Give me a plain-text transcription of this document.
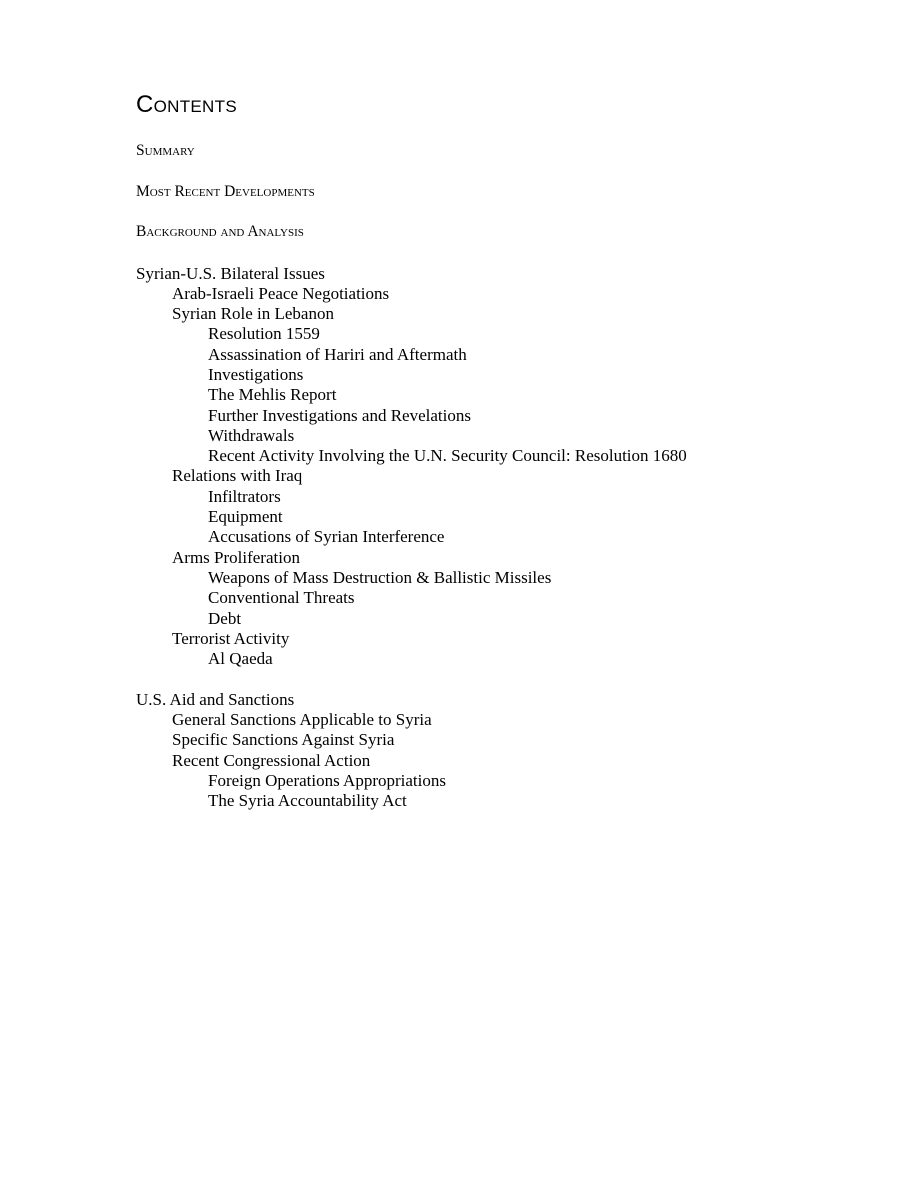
Contents
Summary
Most Recent Developments
Background and Analysis
Syrian-U.S. Bilateral Issues
Arab-Israeli Peace Negotiations
Syrian Role in Lebanon
Resolution 1559
Assassination of Hariri and Aftermath
Investigations
The Mehlis Report
Further Investigations and Revelations
Withdrawals
Recent Activity Involving the U.N. Security Council: Resolution 1680
Relations with Iraq
Infiltrators
Equipment
Accusations of Syrian Interference
Arms Proliferation
Weapons of Mass Destruction & Ballistic Missiles
Conventional Threats
Debt
Terrorist Activity
Al Qaeda
U.S. Aid and Sanctions
General Sanctions Applicable to Syria
Specific Sanctions Against Syria
Recent Congressional Action
Foreign Operations Appropriations
The Syria Accountability Act
